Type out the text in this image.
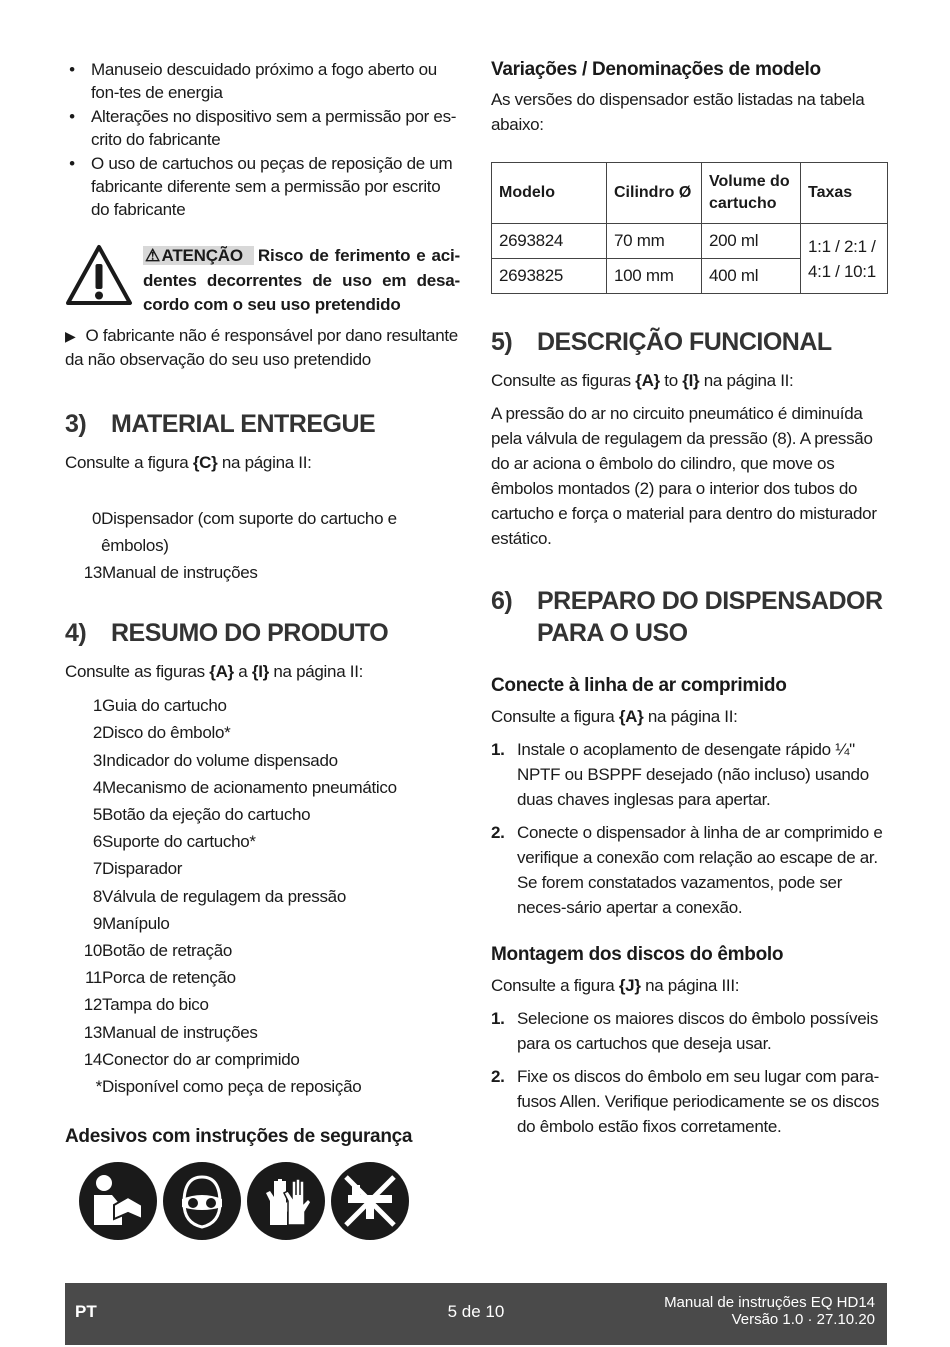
• Manuseio descuidado próximo a fogo aberto ou fon-tes de energia
• Alterações no dispositivo sem a permissão por es-crito do fabricante
• O uso de cartuchos ou peças de reposição de um fabricante diferente sem a permissão por escrito do fabricante
⚠ATENÇÃO Risco de ferimento e aci-dentes decorrentes de uso em desa-cordo com o seu uso pretendido
▶ O fabricante não é responsável por dano resultante da não observação do seu uso pretendido
3) MATERIAL ENTREGUE
Consulte a figura {C} na página II:
0 Dispensador (com suporte do cartucho e êmbolos)
13 Manual de instruções
4) RESUMO DO PRODUTO
Consulte as figuras {A} a {I} na página II:
1 Guia do cartucho
2 Disco do êmbolo*
3 Indicador do volume dispensado
4 Mecanismo de acionamento pneumático
5 Botão da ejeção do cartucho
6 Suporte do cartucho*
7 Disparador
8 Válvula de regulagem da pressão
9 Manípulo
10 Botão de retração
11 Porca de retenção
12 Tampa do bico
13 Manual de instruções
14 Conector do ar comprimido
* Disponível como peça de reposição
Adesivos com instruções de segurança
Variações / Denominações de modelo
As versões do dispensador estão listadas na tabela abaixo:
Modelo	Cilindro Ø	Volume do cartucho	Taxas
2693824	70 mm	200 ml	1:1 / 2:1 / 4:1 / 10:1
2693825	100 mm	400 ml	
5) DESCRIÇÃO FUNCIONAL
Consulte as figuras {A} to {I} na página II:
A pressão do ar no circuito pneumático é diminuída pela válvula de regulagem da pressão (8). A pressão do ar aciona o êmbolo do cilindro, que move os êmbolos montados (2) para o interior dos tubos do cartucho e força o material para dentro do misturador estático.
6) PREPARO DO DISPENSADOR
PARA O USO
Conecte à linha de ar comprimido
Consulte a figura {A} na página II:
1. Instale o acoplamento de desengate rápido ¼" NPTF ou BSPPF desejado (não incluso) usando duas chaves inglesas para apertar.
2. Conecte o dispensador à linha de ar comprimido e verifique a conexão com relação ao escape de ar. Se forem constatados vazamentos, pode ser neces-sário apertar a conexão.
Montagem dos discos do êmbolo
Consulte a figura {J} na página III:
1. Selecione os maiores discos do êmbolo possíveis para os cartuchos que deseja usar.
2. Fixe os discos do êmbolo em seu lugar com para-fusos Allen. Verifique periodicamente se os discos do êmbolo estão fixos corretamente.
PT	5 de 10	Manual de instruções EQ HD14
Versão 1.0 · 27.10.20
